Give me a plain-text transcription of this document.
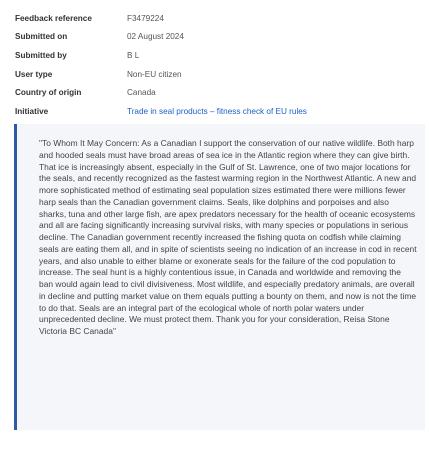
Feedback reference	F3479224
Submitted on	02 August 2024
Submitted by	B L
User type	Non-EU citizen
Country of origin	Canada
Initiative	Trade in seal products – fitness check of EU rules

"To Whom It May Concern: As a Canadian I support the conservation of our native wildlife. Both harp and hooded seals must have broad areas of sea ice in the Atlantic region where they can give birth. That ice is increasingly absent, especially in the Gulf of St. Lawrence, one of two major locations for the seals, and recently recognized as the fastest warming region in the Northwest Atlantic. A new and more sophisticated method of estimating seal population sizes estimated there were millions fewer harp seals than the Canadian government claims. Seals, like dolphins and porpoises and also sharks, tuna and other large fish, are apex predators necessary for the health of oceanic ecosystems and all are facing significantly increasing survival risks, with many species or populations in serious decline. The Canadian government recently increased the fishing quota on codfish while claiming seals are eating them all, and in spite of scientists seeing no indication of an increase in cod in recent years, and also unable to either blame or exonerate seals for the failure of the cod population to increase. The seal hunt is a highly contentious issue, in Canada and worldwide and removing the ban would again lead to civil divisiveness. Most wildlife, and especially predatory animals, are overall in decline and putting market value on them equals putting a bounty on them, and now is not the time to do that. Seals are an integral part of the ecological whole of north polar waters under unprecedented decline. We must protect them. Thank you for your consideration, Reisa Stone Victoria BC Canada"
